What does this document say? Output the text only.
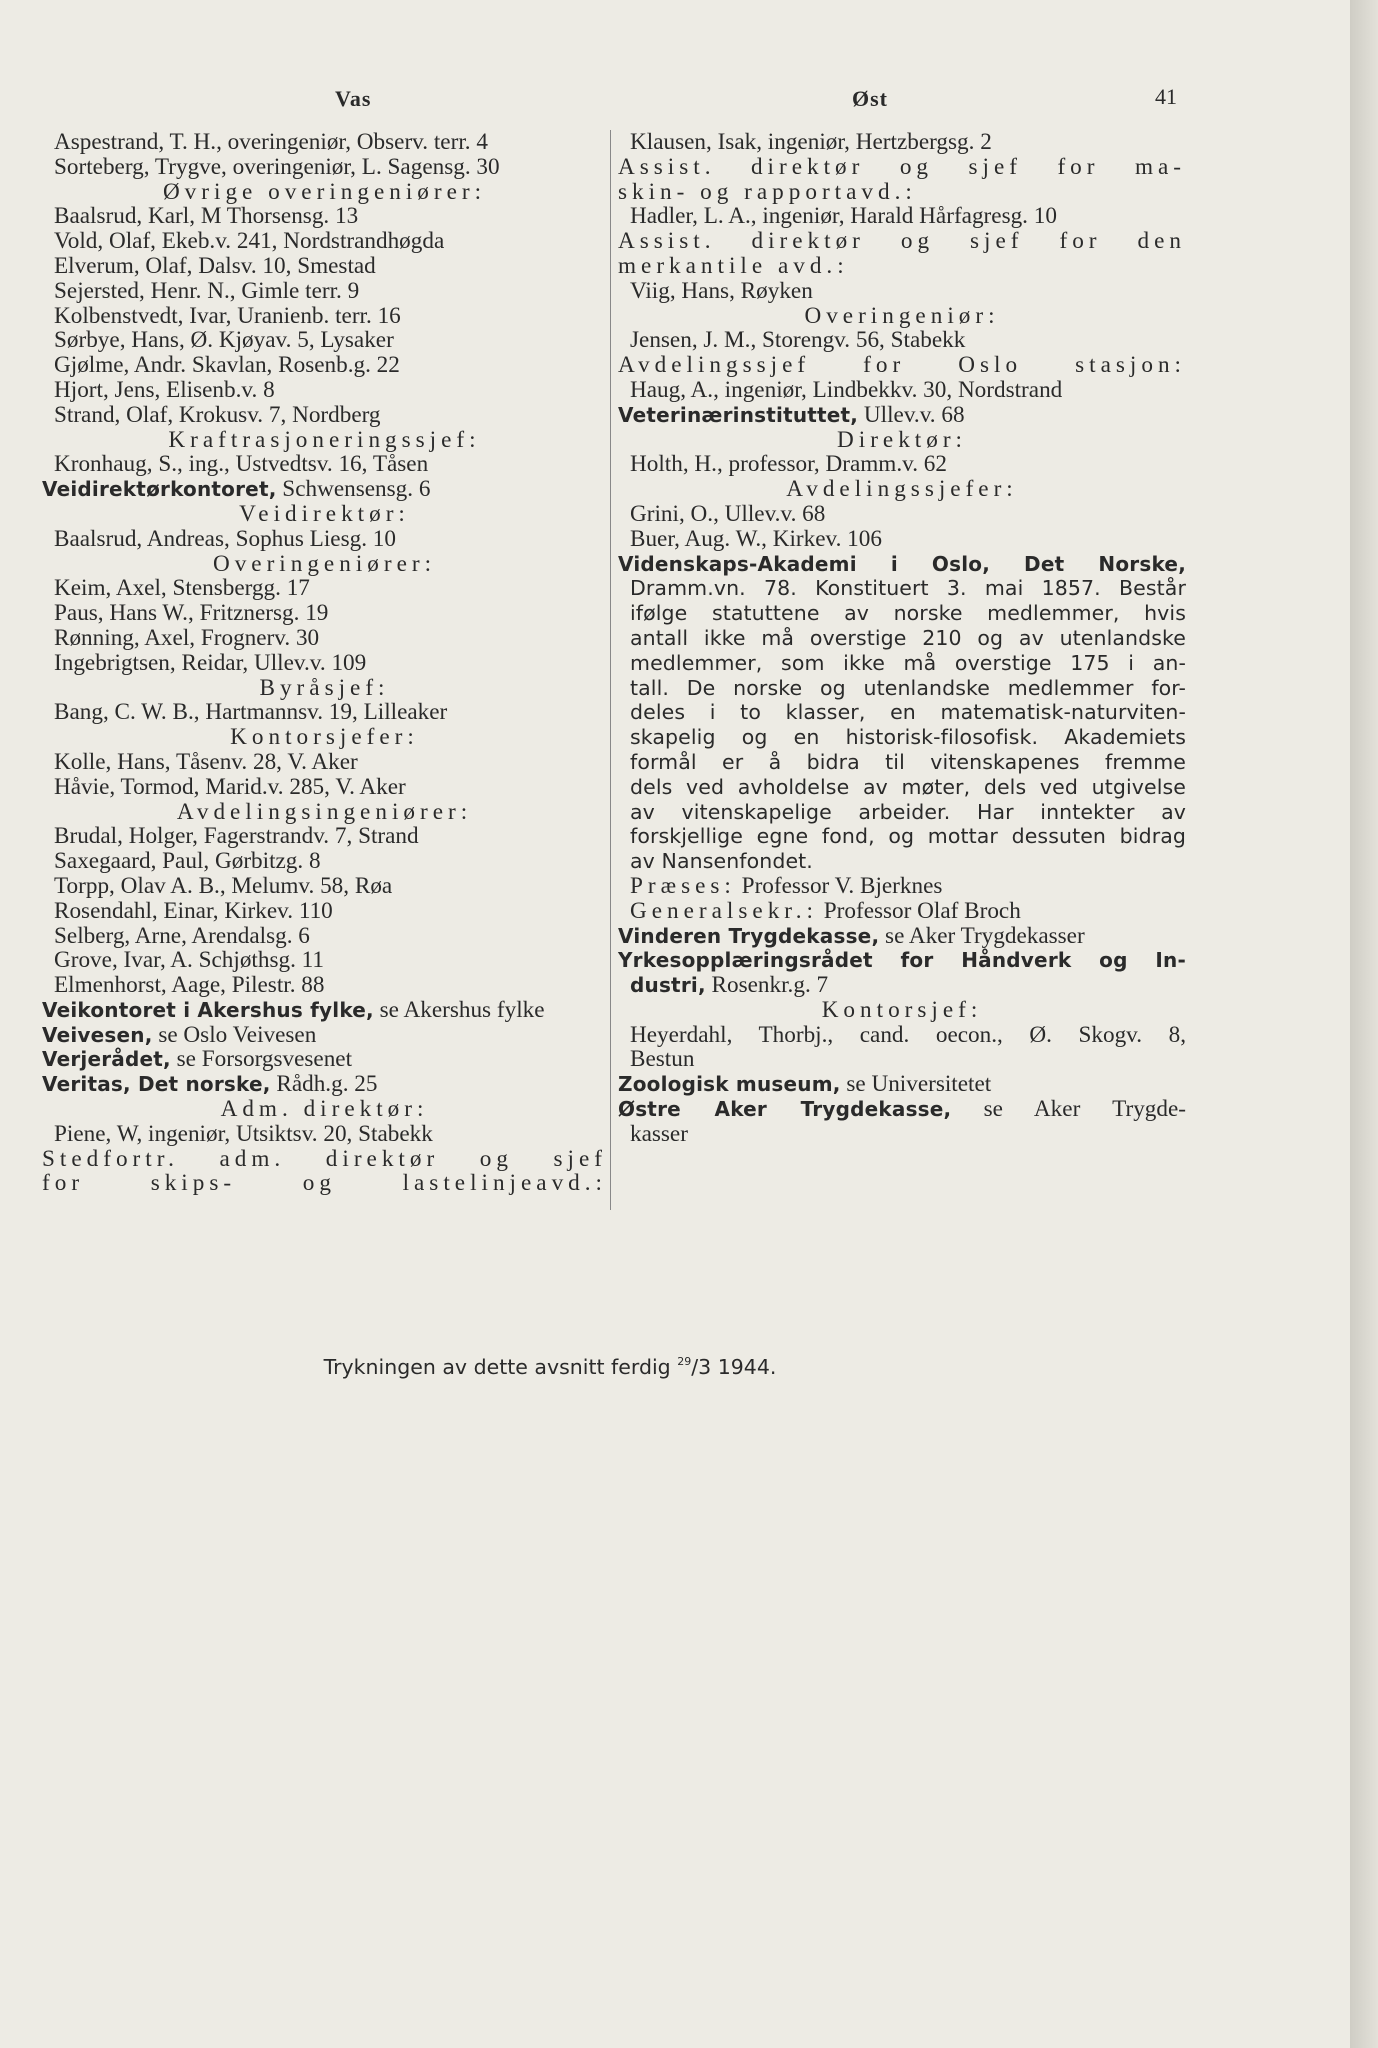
Vas	Øst	41
Aspestrand, T. H., overingeniør, Observ. terr. 4
Sorteberg, Trygve, overingeniør, L. Sagensg. 30
Øvrige overingeniører:
Baalsrud, Karl, M Thorsensg. 13
Vold, Olaf, Ekeb.v. 241, Nordstrandhøgda
Elverum, Olaf, Dalsv. 10, Smestad
Sejersted, Henr. N., Gimle terr. 9
Kolbenstvedt, Ivar, Uranienb. terr. 16
Sørbye, Hans, Ø. Kjøyav. 5, Lysaker
Gjølme, Andr. Skavlan, Rosenb.g. 22
Hjort, Jens, Elisenb.v. 8
Strand, Olaf, Krokusv. 7, Nordberg
Kraftrasjoneringssjef:
Kronhaug, S., ing., Ustvedtsv. 16, Tåsen
Veidirektørkontoret, Schwensensg. 6
Veidirektør:
Baalsrud, Andreas, Sophus Liesg. 10
Overingeniører:
Keim, Axel, Stensbergg. 17
Paus, Hans W., Fritznersg. 19
Rønning, Axel, Frognerv. 30
Ingebrigtsen, Reidar, Ullev.v. 109
Byråsjef:
Bang, C. W. B., Hartmannsv. 19, Lilleaker
Kontorsjefer:
Kolle, Hans, Tåsenv. 28, V. Aker
Håvie, Tormod, Marid.v. 285, V. Aker
Avdelingsingeniører:
Brudal, Holger, Fagerstrandv. 7, Strand
Saxegaard, Paul, Gørbitzg. 8
Torpp, Olav A. B., Melumv. 58, Røa
Rosendahl, Einar, Kirkev. 110
Selberg, Arne, Arendalsg. 6
Grove, Ivar, A. Schjøthsg. 11
Elmenhorst, Aage, Pilestr. 88
Veikontoret i Akershus fylke, se Akershus fylke
Veivesen, se Oslo Veivesen
Verjerådet, se Forsorgsvesenet
Veritas, Det norske, Rådh.g. 25
Adm. direktør:
Piene, W, ingeniør, Utsiktsv. 20, Stabekk
Stedfortr. adm. direktør og sjef
for skips- og lastelinjeavd.:
Klausen, Isak, ingeniør, Hertzbergsg. 2
Assist. direktør og sjef for ma-
skin- og rapportavd.:
Hadler, L. A., ingeniør, Harald Hårfagresg. 10
Assist. direktør og sjef for den
merkantile avd.:
Viig, Hans, Røyken
Overingeniør:
Jensen, J. M., Storengv. 56, Stabekk
Avdelingssjef for Oslo stasjon:
Haug, A., ingeniør, Lindbekkv. 30, Nordstrand
Veterinærinstituttet, Ullev.v. 68
Direktør:
Holth, H., professor, Dramm.v. 62
Avdelingssjefer:
Grini, O., Ullev.v. 68
Buer, Aug. W., Kirkev. 106
Videnskaps-Akademi i Oslo, Det Norske,
Dramm.vn. 78. Konstituert 3. mai 1857. Består
ifølge statuttene av norske medlemmer, hvis
antall ikke må overstige 210 og av utenlandske
medlemmer, som ikke må overstige 175 i an-
tall. De norske og utenlandske medlemmer for-
deles i to klasser, en matematisk-naturviten-
skapelig og en historisk-filosofisk. Akademiets
formål er å bidra til vitenskapenes fremme
dels ved avholdelse av møter, dels ved utgivelse
av vitenskapelige arbeider. Har inntekter av
forskjellige egne fond, og mottar dessuten bidrag
av Nansenfondet.
Præses: Professor V. Bjerknes
Generalsekr.: Professor Olaf Broch
Vinderen Trygdekasse, se Aker Trygdekasser
Yrkesopplæringsrådet for Håndverk og In-
dustri, Rosenkr.g. 7
Kontorsjef:
Heyerdahl, Thorbj., cand. oecon., Ø. Skogv. 8,
Bestun
Zoologisk museum, se Universitetet
Østre Aker Trygdekasse, se Aker Trygde-
kasser
Trykningen av dette avsnitt ferdig $^{29}$/3 1944.
